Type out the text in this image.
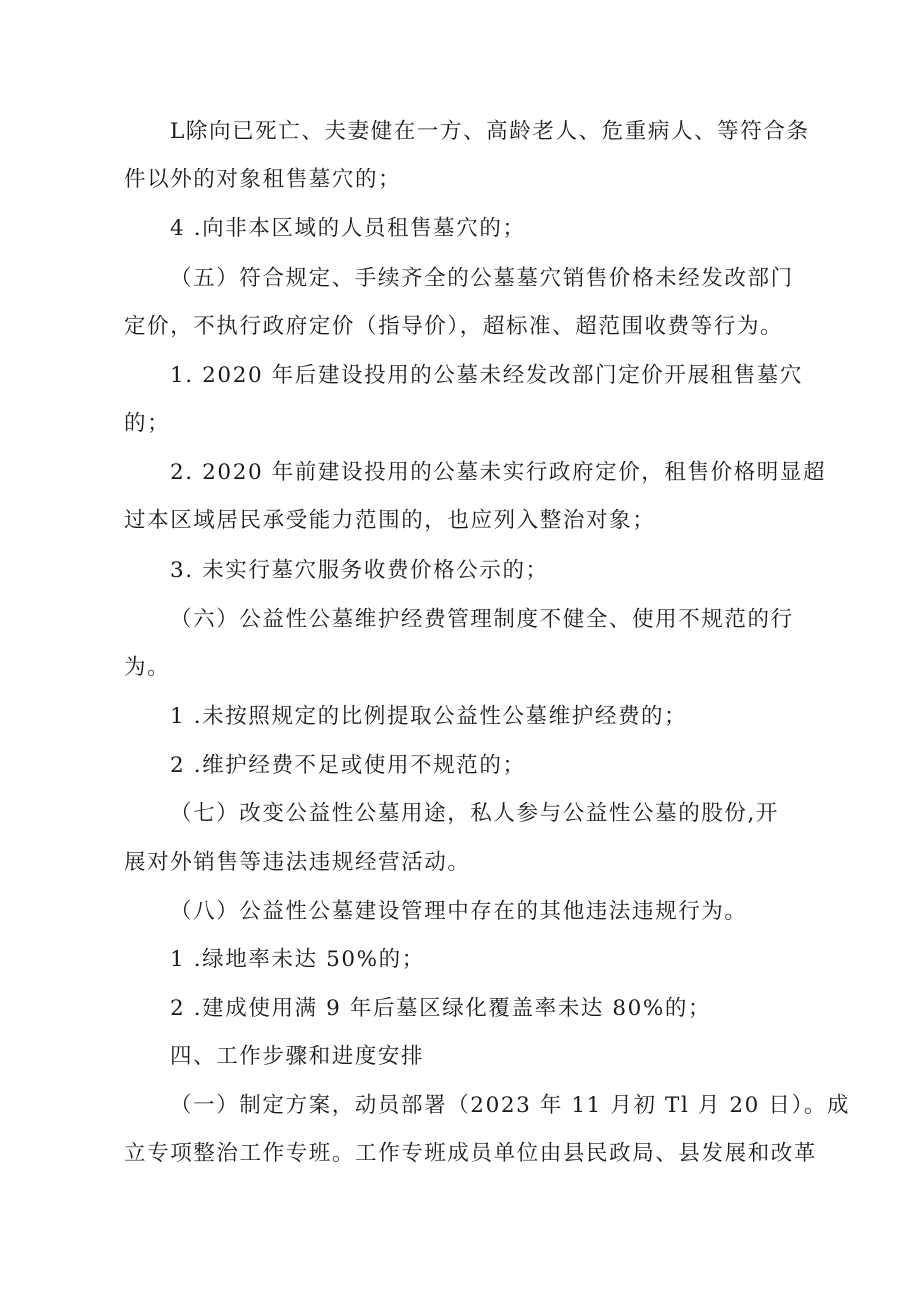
L除向已死亡、夫妻健在一方、高龄老人、危重病人、等符合条
件以外的对象租售墓穴的；
4 .向非本区域的人员租售墓穴的；
（五）符合规定、手续齐全的公墓墓穴销售价格未经发改部门
定价，不执行政府定价（指导价），超标准、超范围收费等行为。
1. 2020 年后建设投用的公墓未经发改部门定价开展租售墓穴
的；
2. 2020 年前建设投用的公墓未实行政府定价，租售价格明显超
过本区域居民承受能力范围的，也应列入整治对象；
3. 未实行墓穴服务收费价格公示的；
（六）公益性公墓维护经费管理制度不健全、使用不规范的行
为。
1 .未按照规定的比例提取公益性公墓维护经费的；
2 .维护经费不足或使用不规范的；
（七）改变公益性公墓用途，私人参与公益性公墓的股份,开
展对外销售等违法违规经营活动。
（八）公益性公墓建设管理中存在的其他违法违规行为。
1 .绿地率未达 50%的；
2 .建成使用满 9 年后墓区绿化覆盖率未达 80%的；
四、工作步骤和进度安排
（一）制定方案，动员部署（2023 年 11 月初 Tl 月 20 日）。成
立专项整治工作专班。工作专班成员单位由县民政局、县发展和改革
